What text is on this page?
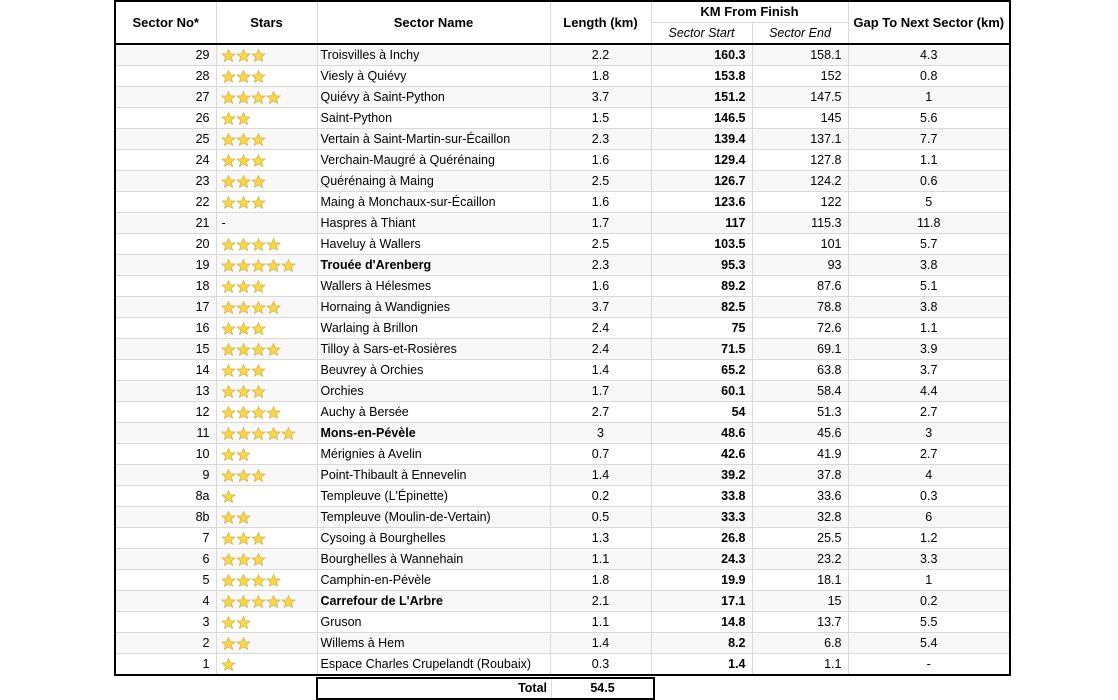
Sector No*	Stars	Sector Name	Length (km)	KM From Finish		Gap To Next Sector (km)
				Sector Start	Sector End	
29		Troisvilles à Inchy	2.2	160.3	158.1	4.3
28		Viesly à Quiévy	1.8	153.8	152	0.8
27		Quiévy à Saint-Python	3.7	151.2	147.5	1
26		Saint-Python	1.5	146.5	145	5.6
25		Vertain à Saint-Martin-sur-Écaillon	2.3	139.4	137.1	7.7
24		Verchain-Maugré à Quérénaing	1.6	129.4	127.8	1.1
23		Quérénaing à Maing	2.5	126.7	124.2	0.6
22		Maing à Monchaux-sur-Écaillon	1.6	123.6	122	5
21	-	Haspres à Thiant	1.7	117	115.3	11.8
20		Haveluy à Wallers	2.5	103.5	101	5.7
19		Trouée d'Arenberg	2.3	95.3	93	3.8
18		Wallers à Hélesmes	1.6	89.2	87.6	5.1
17		Hornaing à Wandignies	3.7	82.5	78.8	3.8
16		Warlaing à Brillon	2.4	75	72.6	1.1
15		Tilloy à Sars-et-Rosières	2.4	71.5	69.1	3.9
14		Beuvrey à Orchies	1.4	65.2	63.8	3.7
13		Orchies	1.7	60.1	58.4	4.4
12		Auchy à Bersée	2.7	54	51.3	2.7
11		Mons-en-Pévèle	3	48.6	45.6	3
10		Mérignies à Avelin	0.7	42.6	41.9	2.7
9		Point-Thibault à Ennevelin	1.4	39.2	37.8	4
8a		Templeuve (L'Épinette)	0.2	33.8	33.6	0.3
8b		Templeuve (Moulin-de-Vertain)	0.5	33.3	32.8	6
7		Cysoing à Bourghelles	1.3	26.8	25.5	1.2
6		Bourghelles à Wannehain	1.1	24.3	23.2	3.3
5		Camphin-en-Pévèle	1.8	19.9	18.1	1
4		Carrefour de L'Arbre	2.1	17.1	15	0.2
3		Gruson	1.1	14.8	13.7	5.5
2		Willems à Hem	1.4	8.2	6.8	5.4
1		Espace Charles Crupelandt (Roubaix)	0.3	1.4	1.1	-
Total	54.5
